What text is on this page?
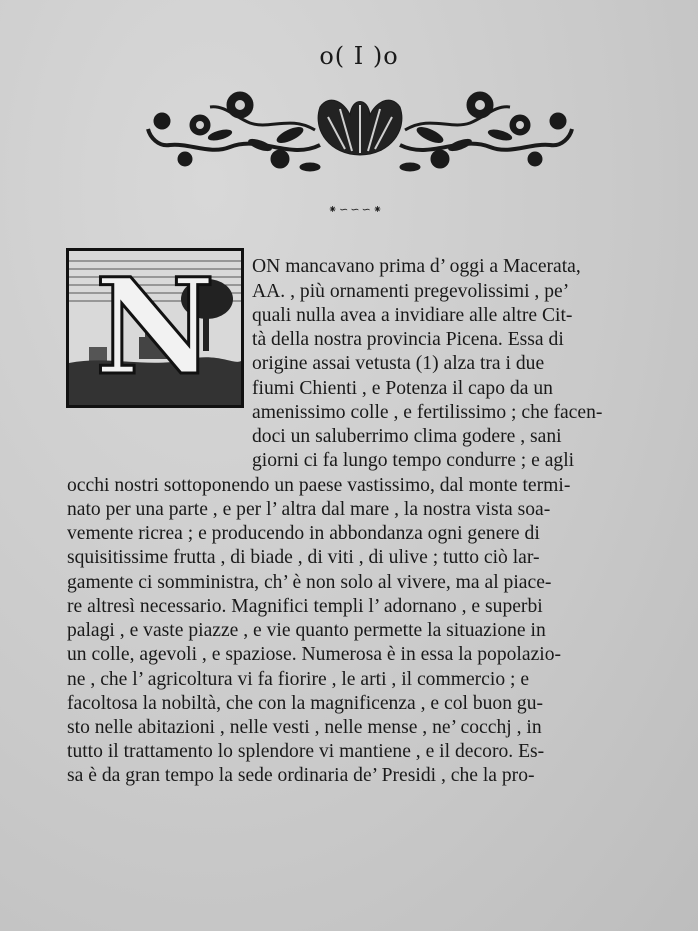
o( I )o
⁕∽∽∽⁕
N ON mancavano prima d’ oggi a Macerata,
AA. , più ornamenti pregevolissimi , pe’
quali nulla avea a invidiare alle altre Cit-
tà della nostra provincia Picena. Essa di
origine assai vetusta (1) alza tra i due
fiumi Chienti , e Potenza il capo da un
amenissimo colle , e fertilissimo ; che facen-
doci un saluberrimo clima godere , sani
giorni ci fa lungo tempo condurre ; e agli
occhi nostri sottoponendo un paese vastissimo, dal monte termi-
nato per una parte , e per l’ altra dal mare , la nostra vista soa-
vemente ricrea ; e producendo in abbondanza ogni genere di
squisitissime frutta , di biade , di viti , di ulive ; tutto ciò lar-
gamente ci somministra, ch’ è non solo al vivere, ma al piace-
re altresì necessario. Magnifici templi l’ adornano , e superbi
palagi , e vaste piazze , e vie quanto permette la situazione in
un colle, agevoli , e spaziose. Numerosa è in essa la popolazio-
ne , che l’ agricoltura vi fa fiorire , le arti , il commercio ; e
facoltosa la nobiltà, che con la magnificenza , e col buon gu-
sto nelle abitazioni , nelle vesti , nelle mense , ne’ cocchj , in
tutto il trattamento lo splendore vi mantiene , e il decoro. Es-
sa è da gran tempo la sede ordinaria de’ Presidi , che la pro-
